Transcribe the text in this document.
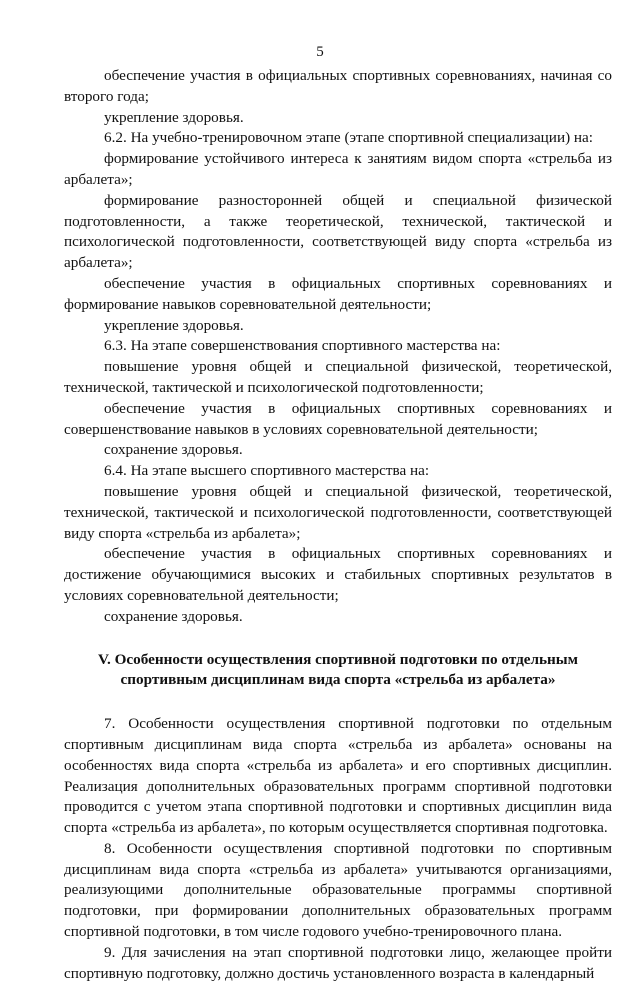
5

обеспечение участия в официальных спортивных соревнованиях, начиная со второго года;

укрепление здоровья.

6.2. На учебно-тренировочном этапе (этапе спортивной специализации) на:

формирование устойчивого интереса к занятиям видом спорта «стрельба из арбалета»;

формирование разносторонней общей и специальной физической подготовленности, а также теоретической, технической, тактической и психологической подготовленности, соответствующей виду спорта «стрельба из арбалета»;

обеспечение участия в официальных спортивных соревнованиях и формирование навыков соревновательной деятельности;

укрепление здоровья.

6.3. На этапе совершенствования спортивного мастерства на:

повышение уровня общей и специальной физической, теоретической, технической, тактической и психологической подготовленности;

обеспечение участия в официальных спортивных соревнованиях и совершенствование навыков в условиях соревновательной деятельности;

сохранение здоровья.

6.4. На этапе высшего спортивного мастерства на:

повышение уровня общей и специальной физической, теоретической, технической, тактической и психологической подготовленности, соответствующей виду спорта «стрельба из арбалета»;

обеспечение участия в официальных спортивных соревнованиях и достижение обучающимися высоких и стабильных спортивных результатов в условиях соревновательной деятельности;

сохранение здоровья.

V. Особенности осуществления спортивной подготовки по отдельным
спортивным дисциплинам вида спорта «стрельба из арбалета»

7. Особенности осуществления спортивной подготовки по отдельным спортивным дисциплинам вида спорта «стрельба из арбалета» основаны на особенностях вида спорта «стрельба из арбалета» и его спортивных дисциплин. Реализация дополнительных образовательных программ спортивной подготовки проводится с учетом этапа спортивной подготовки и спортивных дисциплин вида спорта «стрельба из арбалета», по которым осуществляется спортивная подготовка.

8. Особенности осуществления спортивной подготовки по спортивным дисциплинам вида спорта «стрельба из арбалета» учитываются организациями, реализующими дополнительные образовательные программы спортивной подготовки, при формировании дополнительных образовательных программ спортивной подготовки, в том числе годового учебно-тренировочного плана.

9. Для зачисления на этап спортивной подготовки лицо, желающее пройти спортивную подготовку, должно достичь установленного возраста в календарный
